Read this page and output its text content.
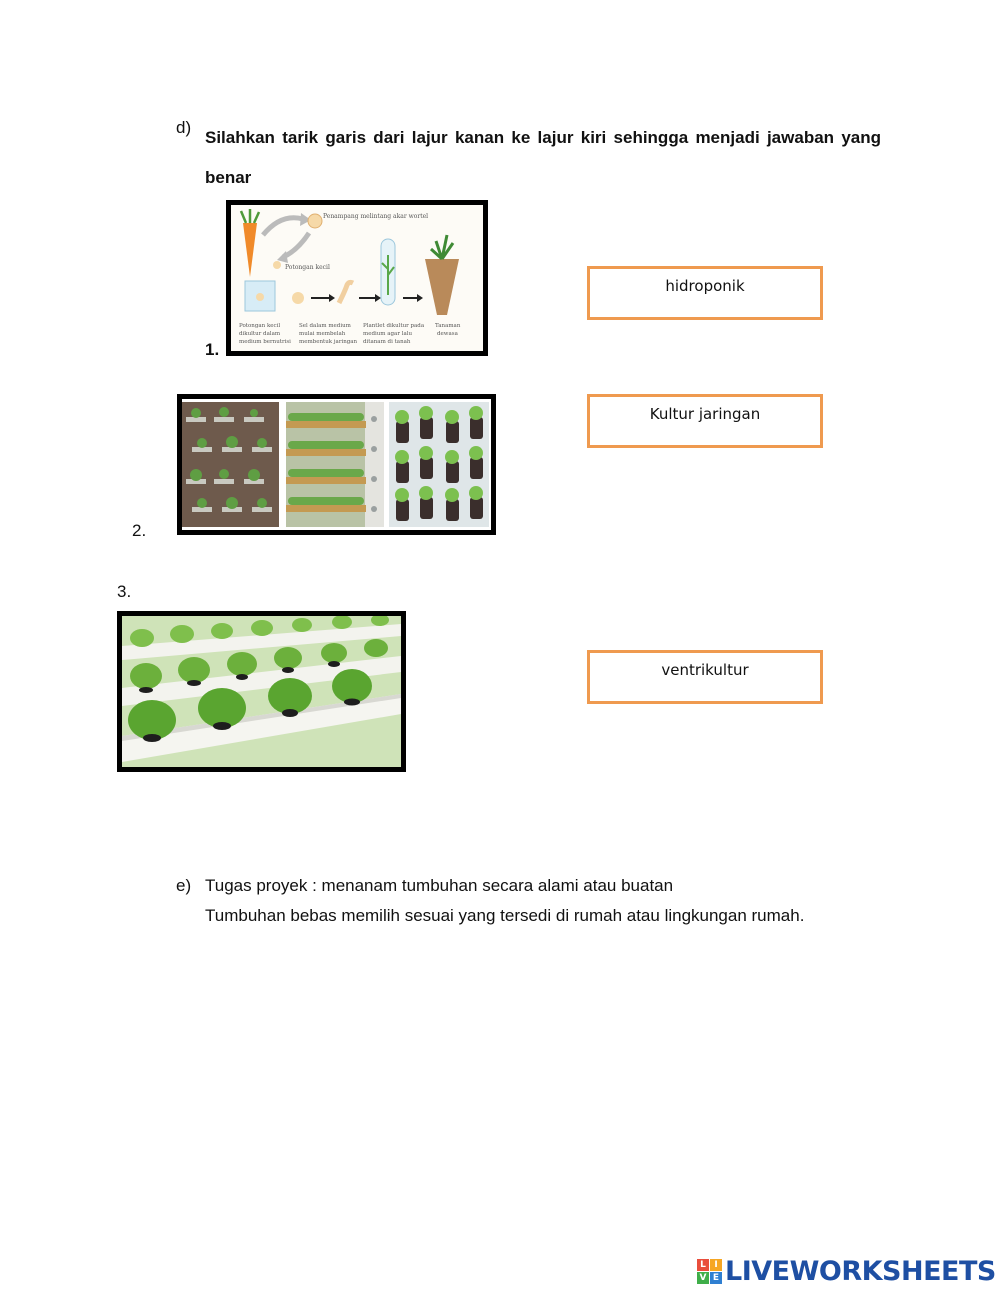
d)
Silahkan tarik garis dari lajur kanan ke lajur kiri sehingga menjadi jawaban yang benar
1.
Penampang melintang akar wortel
Potongan kecil
Potongan kecil dikultur dalam medium bernutrisi
Sel dalam medium mulai membelah membentuk jaringan
Plantlet dikultur pada medium agar lalu ditanam di tanah
Tanaman dewasa
2.
3.
hidroponik
Kultur jaringan
ventrikultur
e) Tugas proyek : menanam tumbuhan secara alami atau buatan
Tumbuhan bebas memilih sesuai yang tersedi di rumah atau lingkungan rumah.
L I
V E LIVEWORKSHEETS
